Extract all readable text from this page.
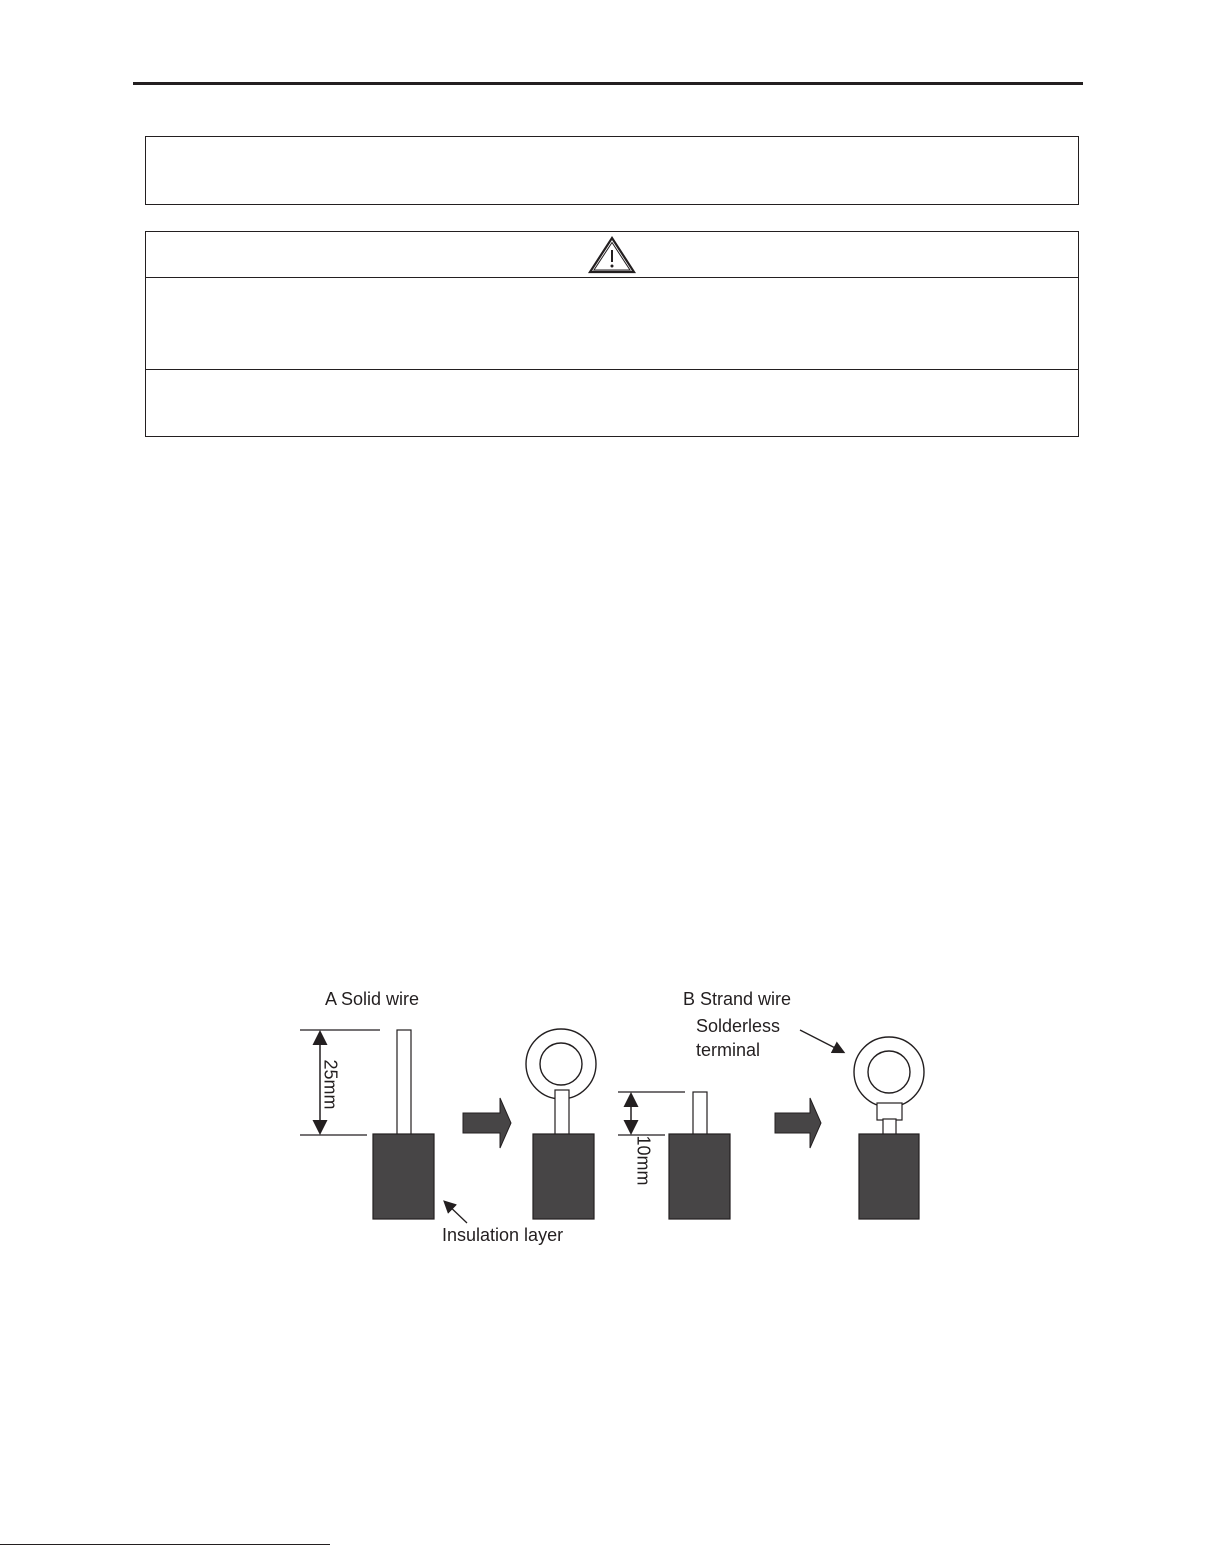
A Solid wire	B Strand wire
Solderless
terminal
Insulation layer
25mm
10mm
